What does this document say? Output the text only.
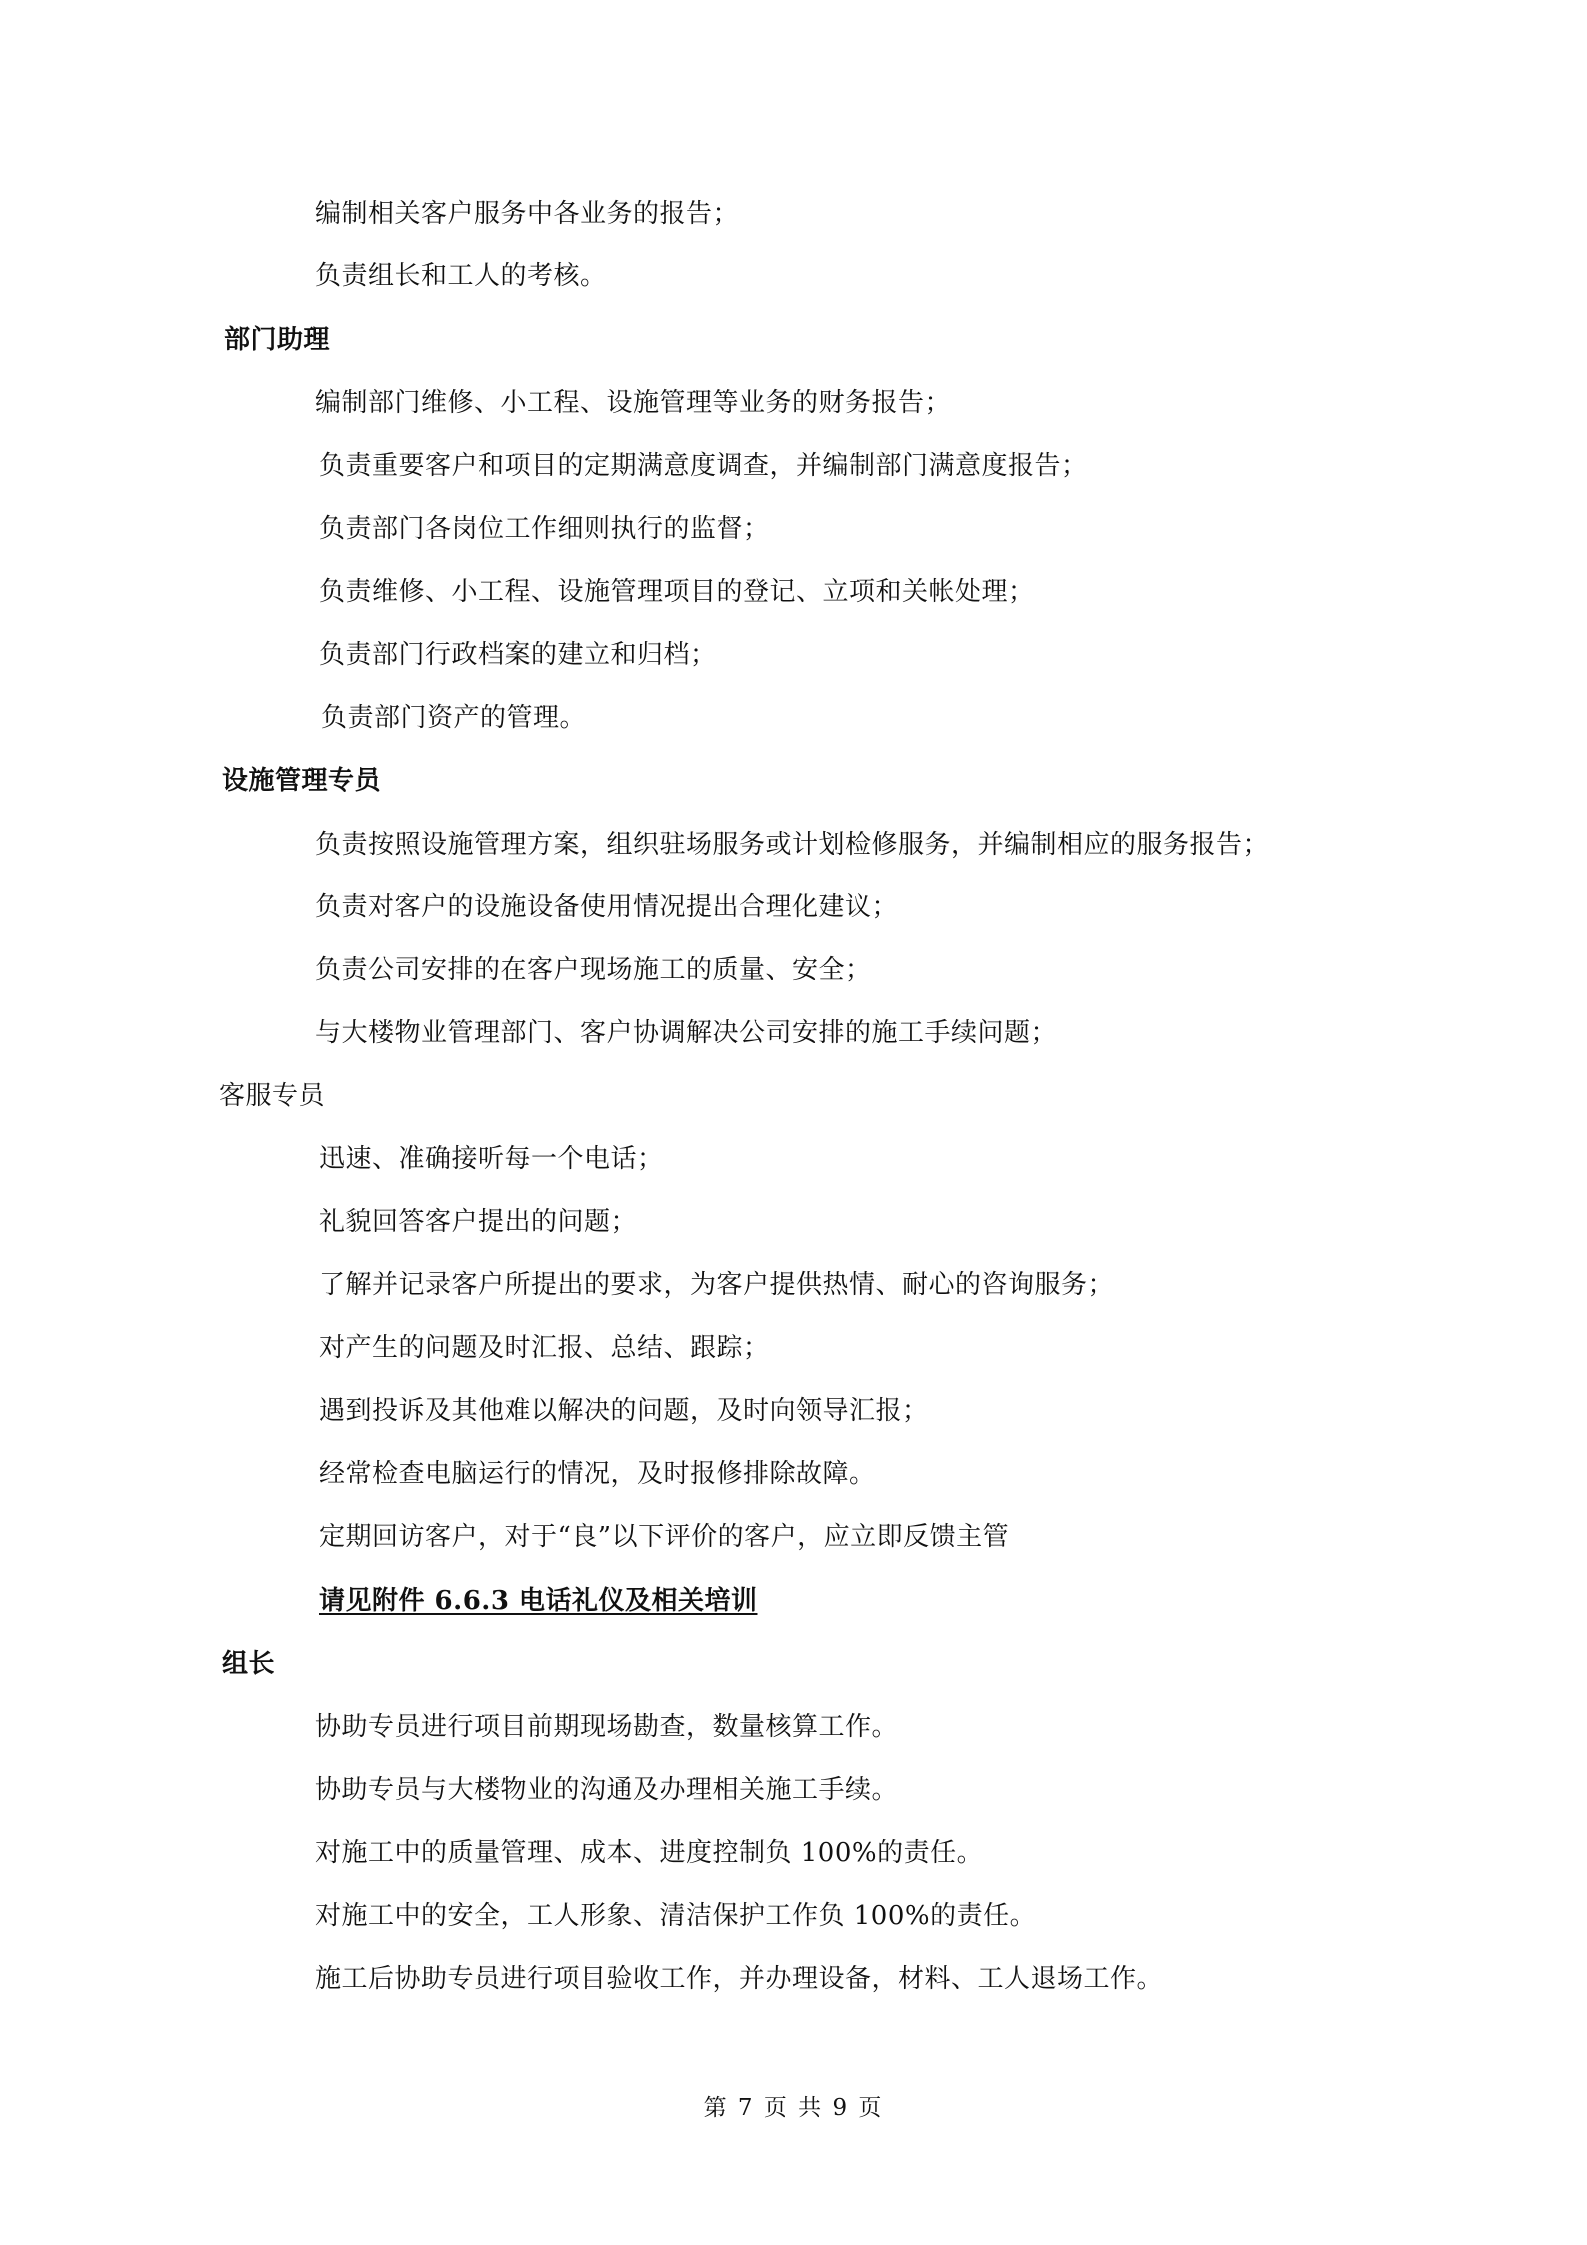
编制相关客户服务中各业务的报告；
负责组长和工人的考核。
部门助理
编制部门维修、小工程、设施管理等业务的财务报告；
负责重要客户和项目的定期满意度调查，并编制部门满意度报告；
负责部门各岗位工作细则执行的监督；
负责维修、小工程、设施管理项目的登记、立项和关帐处理；
负责部门行政档案的建立和归档；
负责部门资产的管理。
设施管理专员
负责按照设施管理方案，组织驻场服务或计划检修服务，并编制相应的服务报告；
负责对客户的设施设备使用情况提出合理化建议；
负责公司安排的在客户现场施工的质量、安全；
与大楼物业管理部门、客户协调解决公司安排的施工手续问题；
客服专员
迅速、准确接听每一个电话；
礼貌回答客户提出的问题；
了解并记录客户所提出的要求，为客户提供热情、耐心的咨询服务；
对产生的问题及时汇报、总结、跟踪；
遇到投诉及其他难以解决的问题，及时向领导汇报；
经常检查电脑运行的情况，及时报修排除故障。
定期回访客户，对于“良”以下评价的客户，应立即反馈主管
请见附件 6.6.3 电话礼仪及相关培训
组长
协助专员进行项目前期现场勘查，数量核算工作。
协助专员与大楼物业的沟通及办理相关施工手续。
对施工中的质量管理、成本、进度控制负 100%的责任。
对施工中的安全，工人形象、清洁保护工作负 100%的责任。
施工后协助专员进行项目验收工作，并办理设备，材料、工人退场工作。
第 7 页 共 9 页
